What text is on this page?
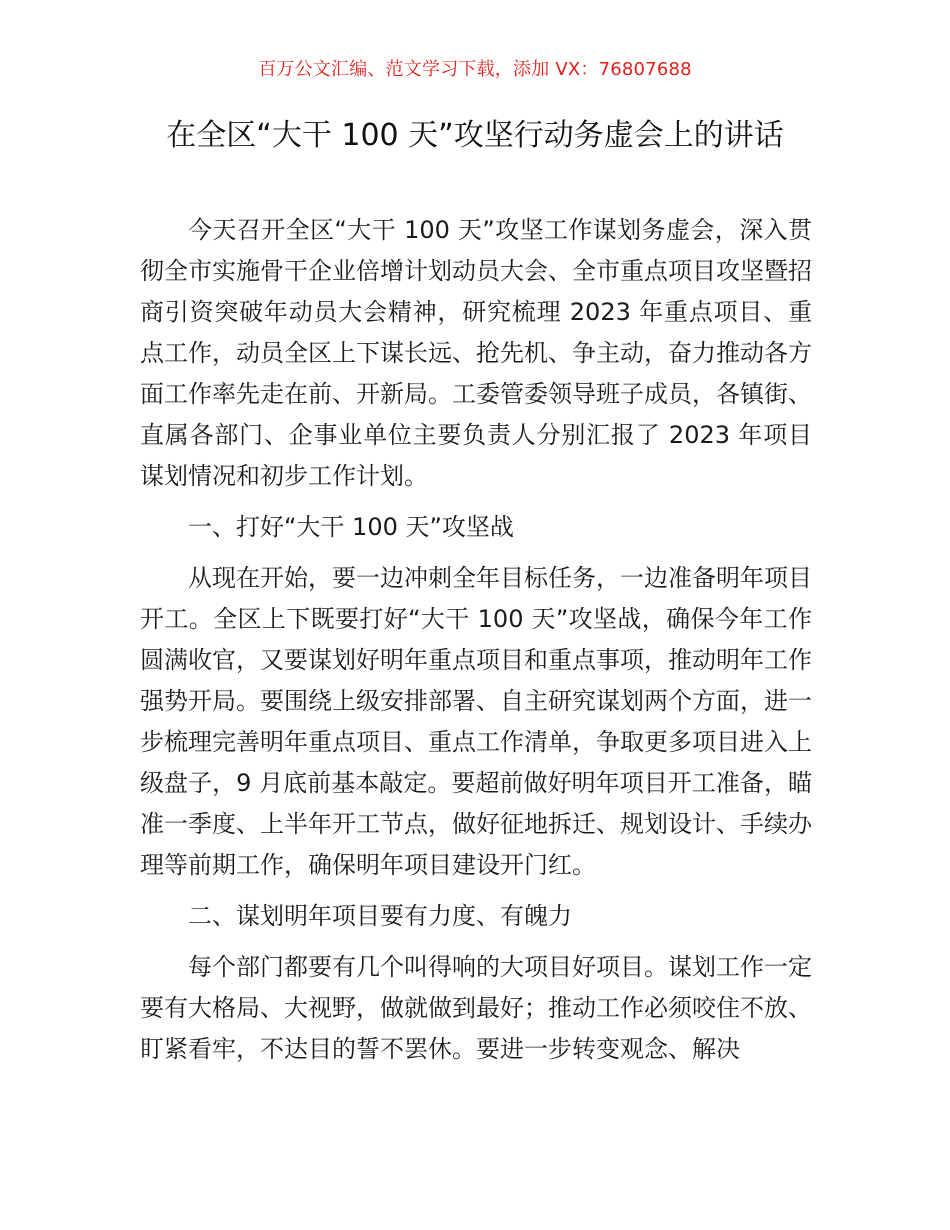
百万公文汇编、范文学习下载，添加 VX：76807688
在全区“大干 100 天”攻坚行动务虚会上的讲话

今天召开全区“大干 100 天”攻坚工作谋划务虚会，深入贯彻全市实施骨干企业倍增计划动员大会、全市重点项目攻坚暨招商引资突破年动员大会精神，研究梳理 2023 年重点项目、重点工作，动员全区上下谋长远、抢先机、争主动，奋力推动各方面工作率先走在前、开新局。工委管委领导班子成员，各镇街、直属各部门、企事业单位主要负责人分别汇报了 2023 年项目谋划情况和初步工作计划。

一、打好“大干 100 天”攻坚战

从现在开始，要一边冲刺全年目标任务，一边准备明年项目开工。全区上下既要打好“大干 100 天”攻坚战，确保今年工作圆满收官，又要谋划好明年重点项目和重点事项，推动明年工作强势开局。要围绕上级安排部署、自主研究谋划两个方面，进一步梳理完善明年重点项目、重点工作清单，争取更多项目进入上级盘子，9 月底前基本敲定。要超前做好明年项目开工准备，瞄准一季度、上半年开工节点，做好征地拆迁、规划设计、手续办理等前期工作，确保明年项目建设开门红。

二、谋划明年项目要有力度、有魄力

每个部门都要有几个叫得响的大项目好项目。谋划工作一定要有大格局、大视野，做就做到最好；推动工作必须咬住不放、盯紧看牢，不达目的誓不罢休。要进一步转变观念、解决
